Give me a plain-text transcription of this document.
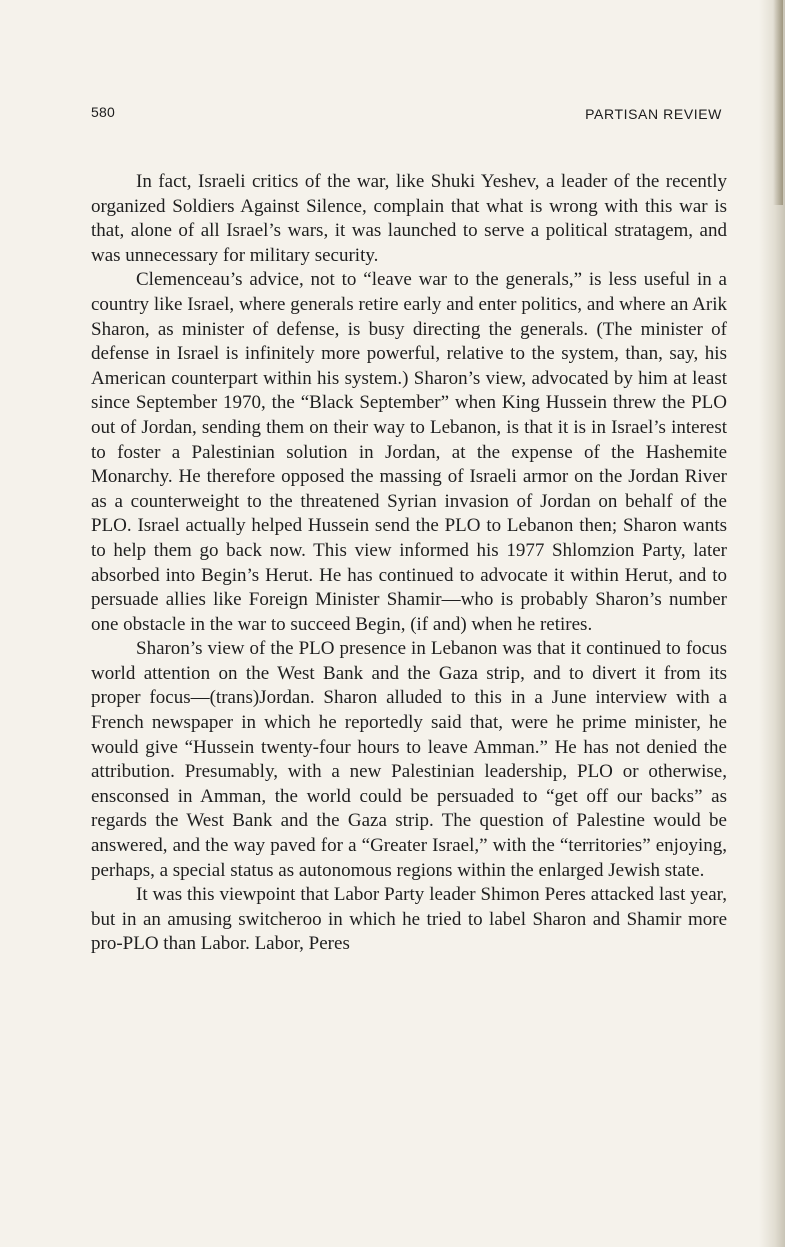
580	PARTISAN REVIEW

In fact, Israeli critics of the war, like Shuki Yeshev, a leader of the recently organized Soldiers Against Silence, complain that what is wrong with this war is that, alone of all Israel’s wars, it was launched to serve a political stratagem, and was unnecessary for military security.

Clemenceau’s advice, not to “leave war to the generals,” is less useful in a country like Israel, where generals retire early and enter politics, and where an Arik Sharon, as minister of defense, is busy directing the generals. (The minister of defense in Israel is infinitely more powerful, relative to the system, than, say, his American counterpart within his system.) Sharon’s view, advocated by him at least since September 1970, the “Black September” when King Hussein threw the PLO out of Jordan, sending them on their way to Lebanon, is that it is in Israel’s interest to foster a Palestinian solution in Jordan, at the expense of the Hashemite Monarchy. He therefore opposed the massing of Israeli armor on the Jordan River as a counterweight to the threatened Syrian invasion of Jordan on behalf of the PLO. Israel actually helped Hussein send the PLO to Lebanon then; Sharon wants to help them go back now. This view informed his 1977 Shlomzion Party, later absorbed into Begin’s Herut. He has continued to advocate it within Herut, and to persuade allies like Foreign Minister Shamir—who is probably Sharon’s number one obstacle in the war to succeed Begin, (if and) when he retires.

Sharon’s view of the PLO presence in Lebanon was that it continued to focus world attention on the West Bank and the Gaza strip, and to divert it from its proper focus—(trans)Jordan. Sharon alluded to this in a June interview with a French newspaper in which he reportedly said that, were he prime minister, he would give “Hussein twenty-four hours to leave Amman.” He has not denied the attribution. Presumably, with a new Palestinian leadership, PLO or otherwise, ensconsed in Amman, the world could be persuaded to “get off our backs” as regards the West Bank and the Gaza strip. The question of Palestine would be answered, and the way paved for a “Greater Israel,” with the “territories” enjoying, perhaps, a special status as autonomous regions within the enlarged Jewish state.

It was this viewpoint that Labor Party leader Shimon Peres attacked last year, but in an amusing switcheroo in which he tried to label Sharon and Shamir more pro-PLO than Labor. Labor, Peres
